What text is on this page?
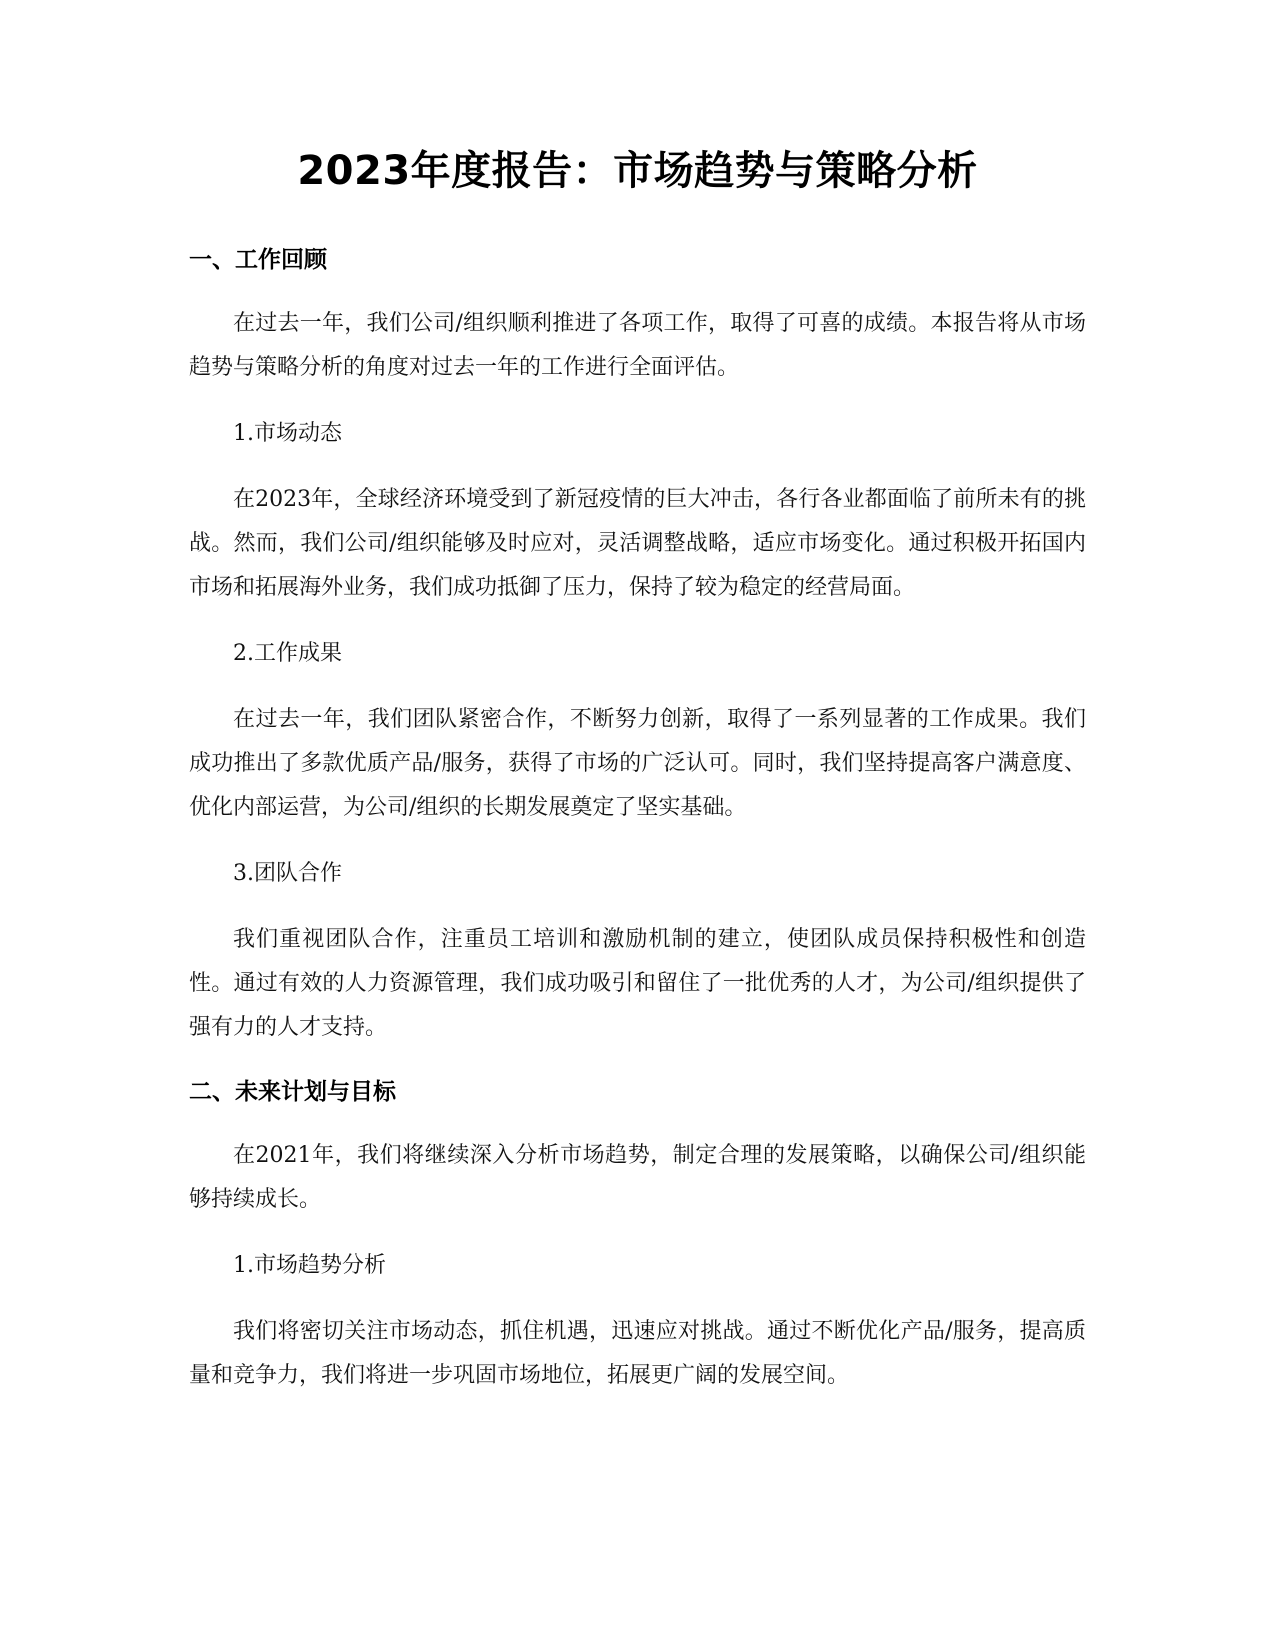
2023年度报告：市场趋势与策略分析
一、工作回顾

在过去一年，我们公司/组织顺利推进了各项工作，取得了可喜的成绩。本报告将从市场趋势与策略分析的角度对过去一年的工作进行全面评估。

1.市场动态

在2023年，全球经济环境受到了新冠疫情的巨大冲击，各行各业都面临了前所未有的挑战。然而，我们公司/组织能够及时应对，灵活调整战略，适应市场变化。通过积极开拓国内市场和拓展海外业务，我们成功抵御了压力，保持了较为稳定的经营局面。

2.工作成果

在过去一年，我们团队紧密合作，不断努力创新，取得了一系列显著的工作成果。我们成功推出了多款优质产品/服务，获得了市场的广泛认可。同时，我们坚持提高客户满意度、优化内部运营，为公司/组织的长期发展奠定了坚实基础。

3.团队合作

我们重视团队合作，注重员工培训和激励机制的建立，使团队成员保持积极性和创造性。通过有效的人力资源管理，我们成功吸引和留住了一批优秀的人才，为公司/组织提供了强有力的人才支持。

二、未来计划与目标

在2021年，我们将继续深入分析市场趋势，制定合理的发展策略，以确保公司/组织能够持续成长。

1.市场趋势分析

我们将密切关注市场动态，抓住机遇，迅速应对挑战。通过不断优化产品/服务，提高质量和竞争力，我们将进一步巩固市场地位，拓展更广阔的发展空间。
